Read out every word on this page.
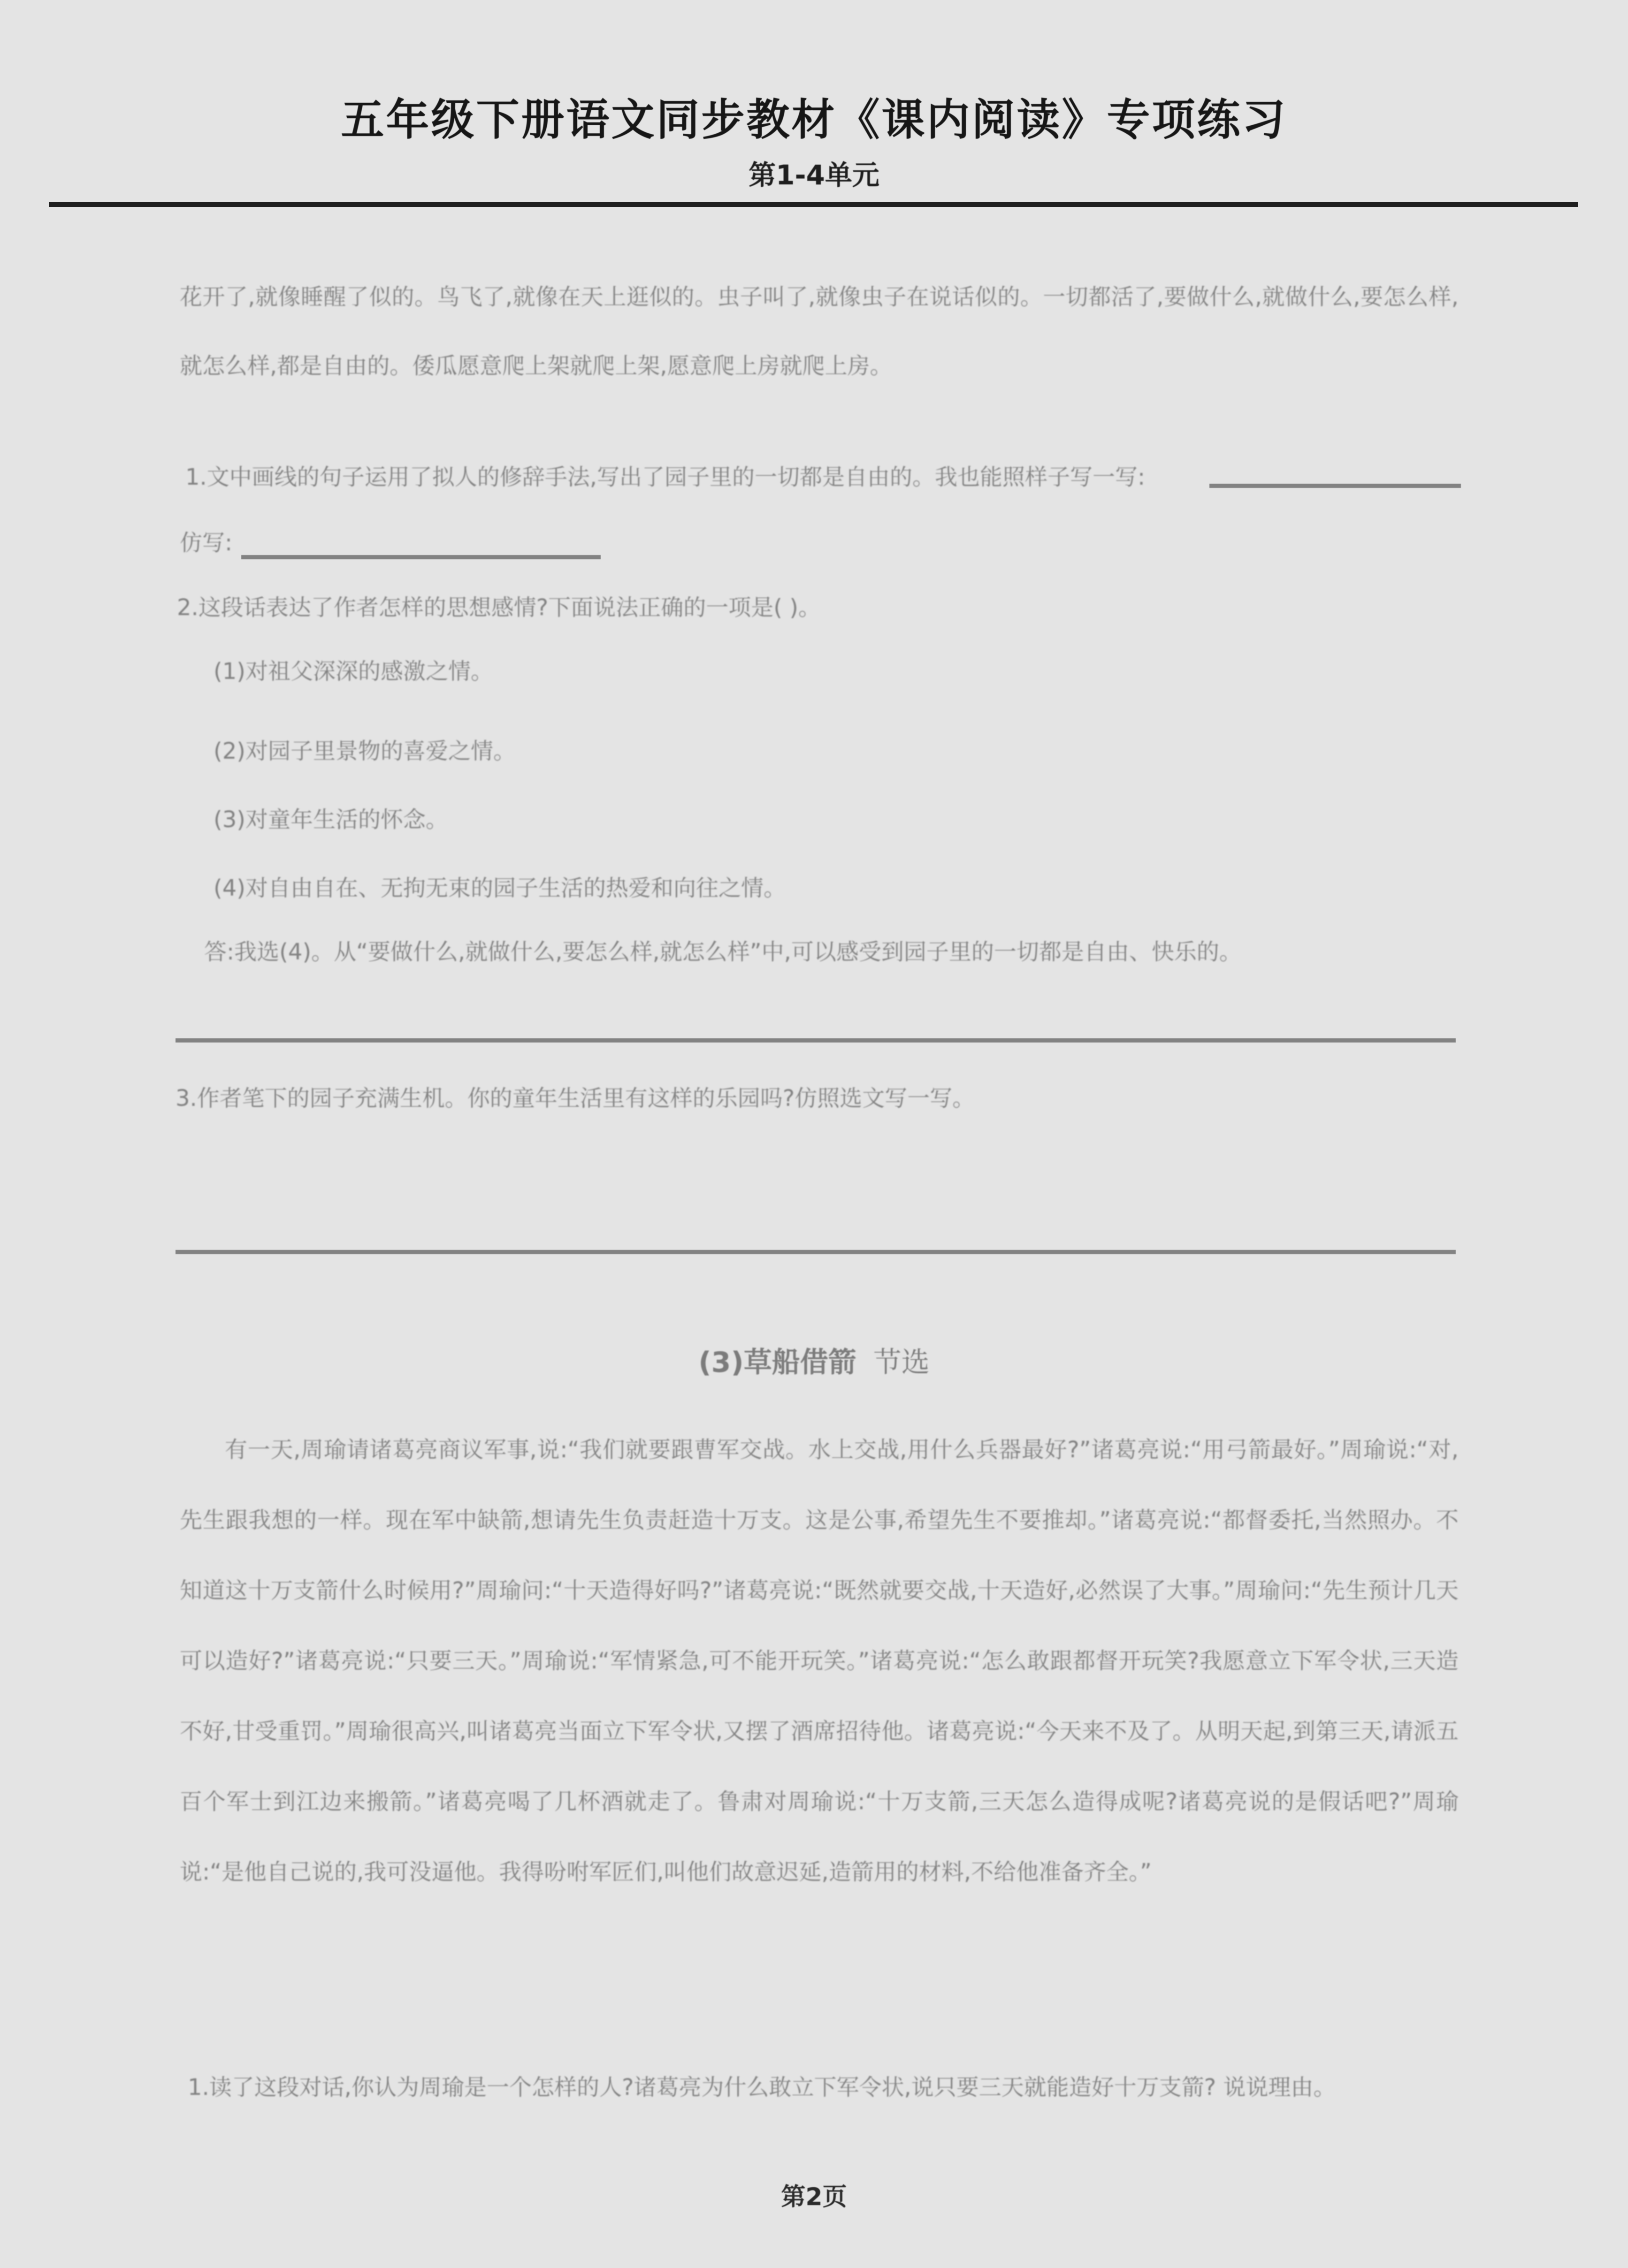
五年级下册语文同步教材《课内阅读》专项练习
第1-4单元
花开了,就像睡醒了似的。鸟飞了,就像在天上逛似的。虫子叫了,就像虫子在说话似的。一切都活了,要做什么,就做什么,要怎么样,就怎么样,都是自由的。倭瓜愿意爬上架就爬上架,愿意爬上房就爬上房。
1.文中画线的句子运用了拟人的修辞手法,写出了园子里的一切都是自由的。我也能照样子写一写:
仿写:
2.这段话表达了作者怎样的思想感情?下面说法正确的一项是( )。
(1)对祖父深深的感激之情。
(2)对园子里景物的喜爱之情。
(3)对童年生活的怀念。
(4)对自由自在、无拘无束的园子生活的热爱和向往之情。
答:我选(4)。从“要做什么,就做什么,要怎么样,就怎么样”中,可以感受到园子里的一切都是自由、快乐的。
3.作者笔下的园子充满生机。你的童年生活里有这样的乐园吗?仿照选文写一写。
(3)草船借箭 节选
有一天,周瑜请诸葛亮商议军事,说:“我们就要跟曹军交战。水上交战,用什么兵器最好?”诸葛亮说:“用弓箭最好。”周瑜说:“对,先生跟我想的一样。现在军中缺箭,想请先生负责赶造十万支。这是公事,希望先生不要推却。”诸葛亮说:“都督委托,当然照办。不知道这十万支箭什么时候用?”周瑜问:“十天造得好吗?”诸葛亮说:“既然就要交战,十天造好,必然误了大事。”周瑜问:“先生预计几天可以造好?”诸葛亮说:“只要三天。”周瑜说:“军情紧急,可不能开玩笑。”诸葛亮说:“怎么敢跟都督开玩笑?我愿意立下军令状,三天造不好,甘受重罚。”周瑜很高兴,叫诸葛亮当面立下军令状,又摆了酒席招待他。诸葛亮说:“今天来不及了。从明天起,到第三天,请派五百个军士到江边来搬箭。”诸葛亮喝了几杯酒就走了。鲁肃对周瑜说:“十万支箭,三天怎么造得成呢?诸葛亮说的是假话吧?”周瑜说:“是他自己说的,我可没逼他。我得吩咐军匠们,叫他们故意迟延,造箭用的材料,不给他准备齐全。”
1.读了这段对话,你认为周瑜是一个怎样的人?诸葛亮为什么敢立下军令状,说只要三天就能造好十万支箭? 说说理由。
第2页
